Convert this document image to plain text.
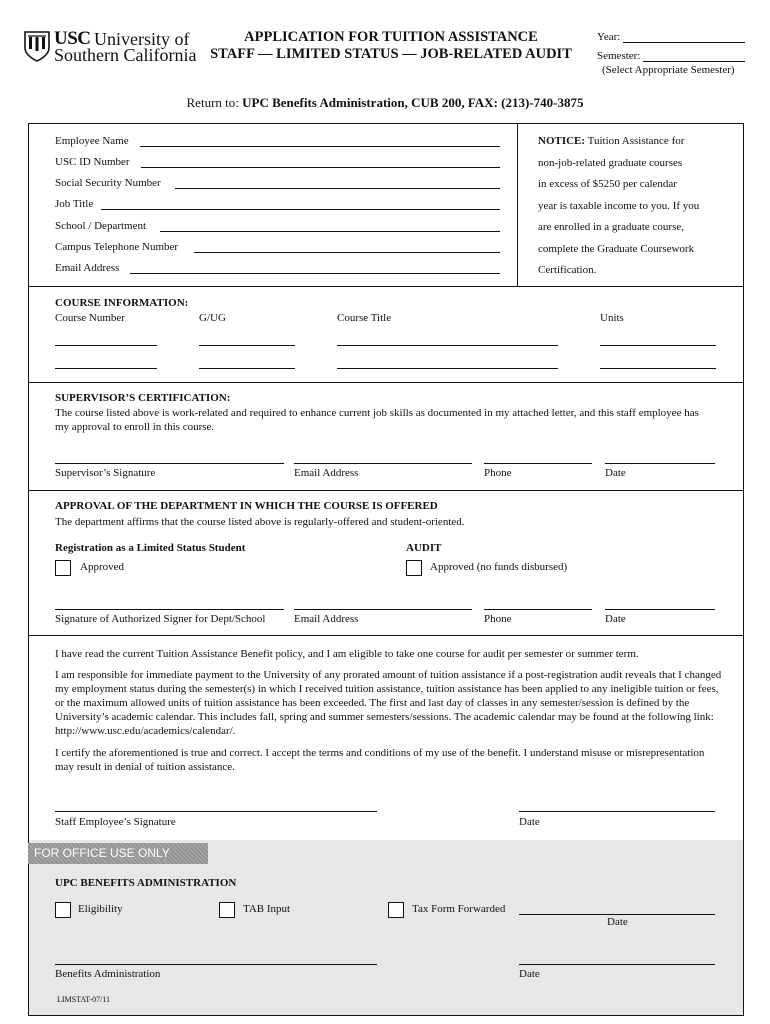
USC University of
Southern California
APPLICATION FOR TUITION ASSISTANCE
STAFF — LIMITED STATUS — JOB-RELATED AUDIT
Year:
Semester:
(Select Appropriate Semester)
Return to: UPC Benefits Administration, CUB 200, FAX: (213)-740-3875
Employee Name
USC ID Number
Social Security Number
Job Title
School / Department
Campus Telephone Number
Email Address
NOTICE: Tuition Assistance for
non-job-related graduate courses
in excess of $5250 per calendar
year is taxable income to you. If you
are enrolled in a graduate course,
complete the Graduate Coursework
Certification.
COURSE INFORMATION:
Course Number	G/UG	Course Title	Units
SUPERVISOR’S CERTIFICATION:
The course listed above is work-related and required to enhance current job skills as documented in my attached letter, and this staff employee has my approval to enroll in this course.
Supervisor’s Signature	Email Address	Phone	Date
APPROVAL OF THE DEPARTMENT IN WHICH THE COURSE IS OFFERED
The department affirms that the course listed above is regularly-offered and student-oriented.
Registration as a Limited Status Student
Approved
AUDIT
Approved (no funds disbursed)
Signature of Authorized Signer for Dept/School	Email Address	Phone	Date
I have read the current Tuition Assistance Benefit policy, and I am eligible to take one course for audit per semester or summer term.
I am responsible for immediate payment to the University of any prorated amount of tuition assistance if a post-registration audit reveals that I changed my employment status during the semester(s) in which I received tuition assistance, tuition assistance has been applied to any ineligible tuition or fees, or the maximum allowed units of tuition assistance has been exceeded. The first and last day of classes in any semester/session is defined by the University’s academic calendar. This includes fall, spring and summer semesters/sessions. The academic calendar may be found at the following link: http://www.usc.edu/academics/calendar/.
I certify the aforementioned is true and correct. I accept the terms and conditions of my use of the benefit. I understand misuse or misrepresentation may result in denial of tuition assistance.
Staff Employee’s Signature	Date
FOR OFFICE USE ONLY
UPC BENEFITS ADMINISTRATION
Eligibility	TAB Input	Tax Form Forwarded
Date
Benefits Administration	Date
LIMSTAT-07/11
